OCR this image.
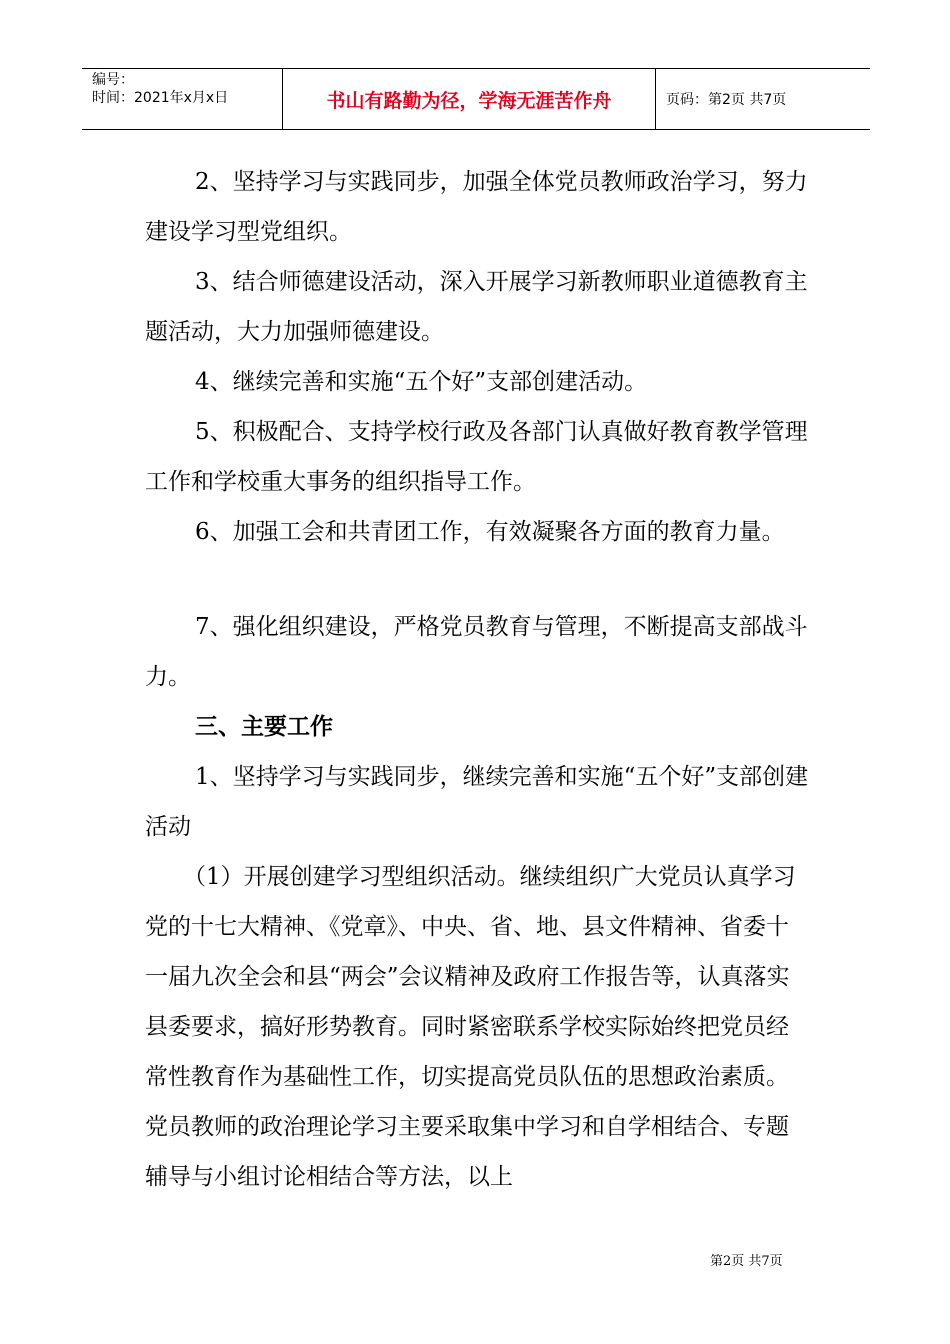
编号：
时间：2021年x月x日	书山有路勤为径，学海无涯苦作舟	页码：第2页 共7页

2、坚持学习与实践同步，加强全体党员教师政治学习，努力建设学习型党组织。

3、结合师德建设活动，深入开展学习新教师职业道德教育主题活动，大力加强师德建设。

4、继续完善和实施“五个好”支部创建活动。

5、积极配合、支持学校行政及各部门认真做好教育教学管理工作和学校重大事务的组织指导工作。

6、加强工会和共青团工作，有效凝聚各方面的教育力量。

7、强化组织建设，严格党员教育与管理，不断提高支部战斗力。

三、主要工作

1、坚持学习与实践同步，继续完善和实施“五个好”支部创建活动

（1）开展创建学习型组织活动。继续组织广大党员认真学习党的十七大精神、《党章》、中央、省、地、县文件精神、省委十一届九次全会和县“两会”会议精神及政府工作报告等，认真落实县委要求，搞好形势教育。同时紧密联系学校实际始终把党员经常性教育作为基础性工作，切实提高党员队伍的思想政治素质。党员教师的政治理论学习主要采取集中学习和自学相结合、专题辅导与小组讨论相结合等方法，以上

第2页 共7页
